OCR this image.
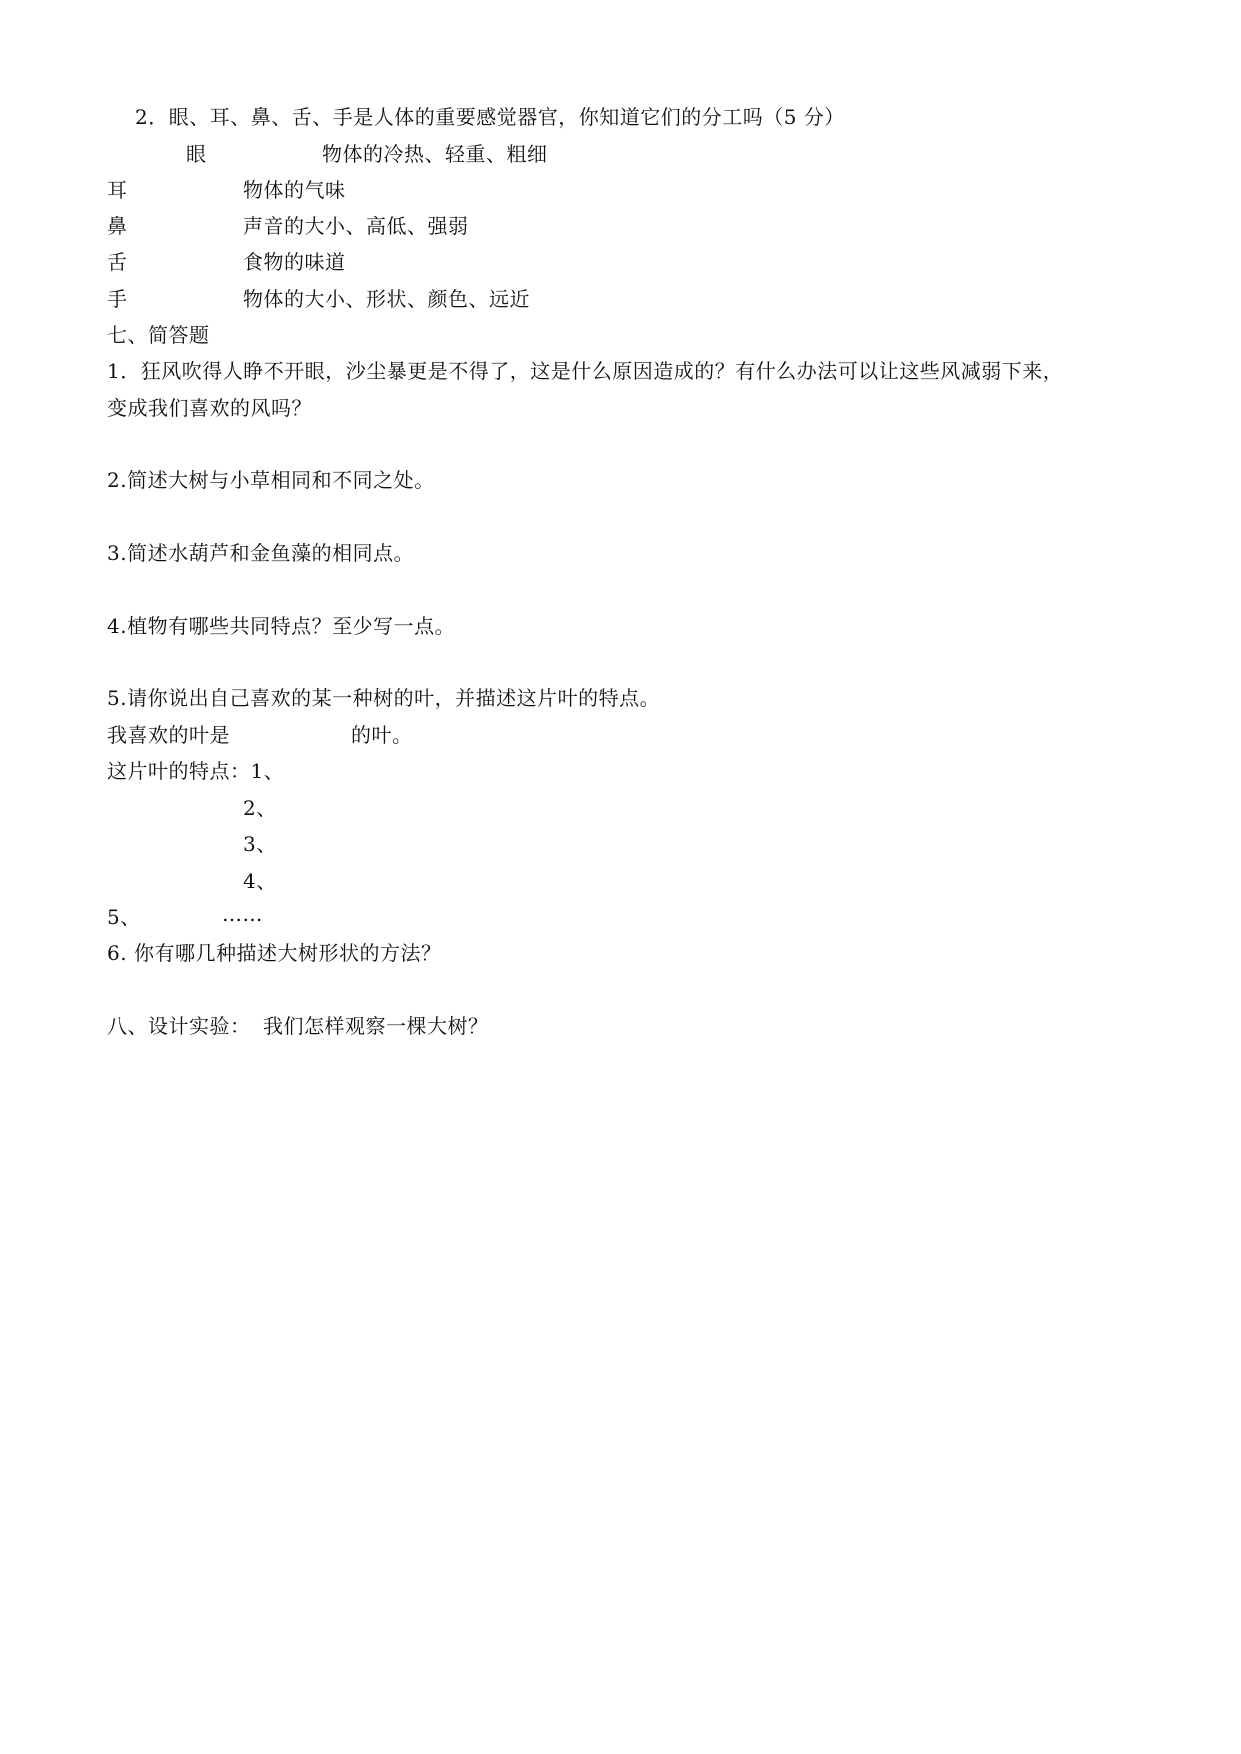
2．眼、耳、鼻、舌、手是人体的重要感觉器官，你知道它们的分工吗（5 分）
眼
耳
鼻
舌
手
物体的冷热、轻重、粗细
物体的气味
声音的大小、高低、强弱
食物的味道
物体的大小、形状、颜色、远近
七、简答题
1．狂风吹得人睁不开眼，沙尘暴更是不得了，这是什么原因造成的？有什么办法可以让这些风减弱下来，
变成我们喜欢的风吗？
2.简述大树与小草相同和不同之处。
3.简述水葫芦和金鱼藻的相同点。
4.植物有哪些共同特点？至少写一点。
5.请你说出自己喜欢的某一种树的叶，并描述这片叶的特点。
我喜欢的叶是	的叶。
这片叶的特点：1、
2、
3、
4、
5、	……
6. 你有哪几种描述大树形状的方法？
八、设计实验： 我们怎样观察一棵大树？
